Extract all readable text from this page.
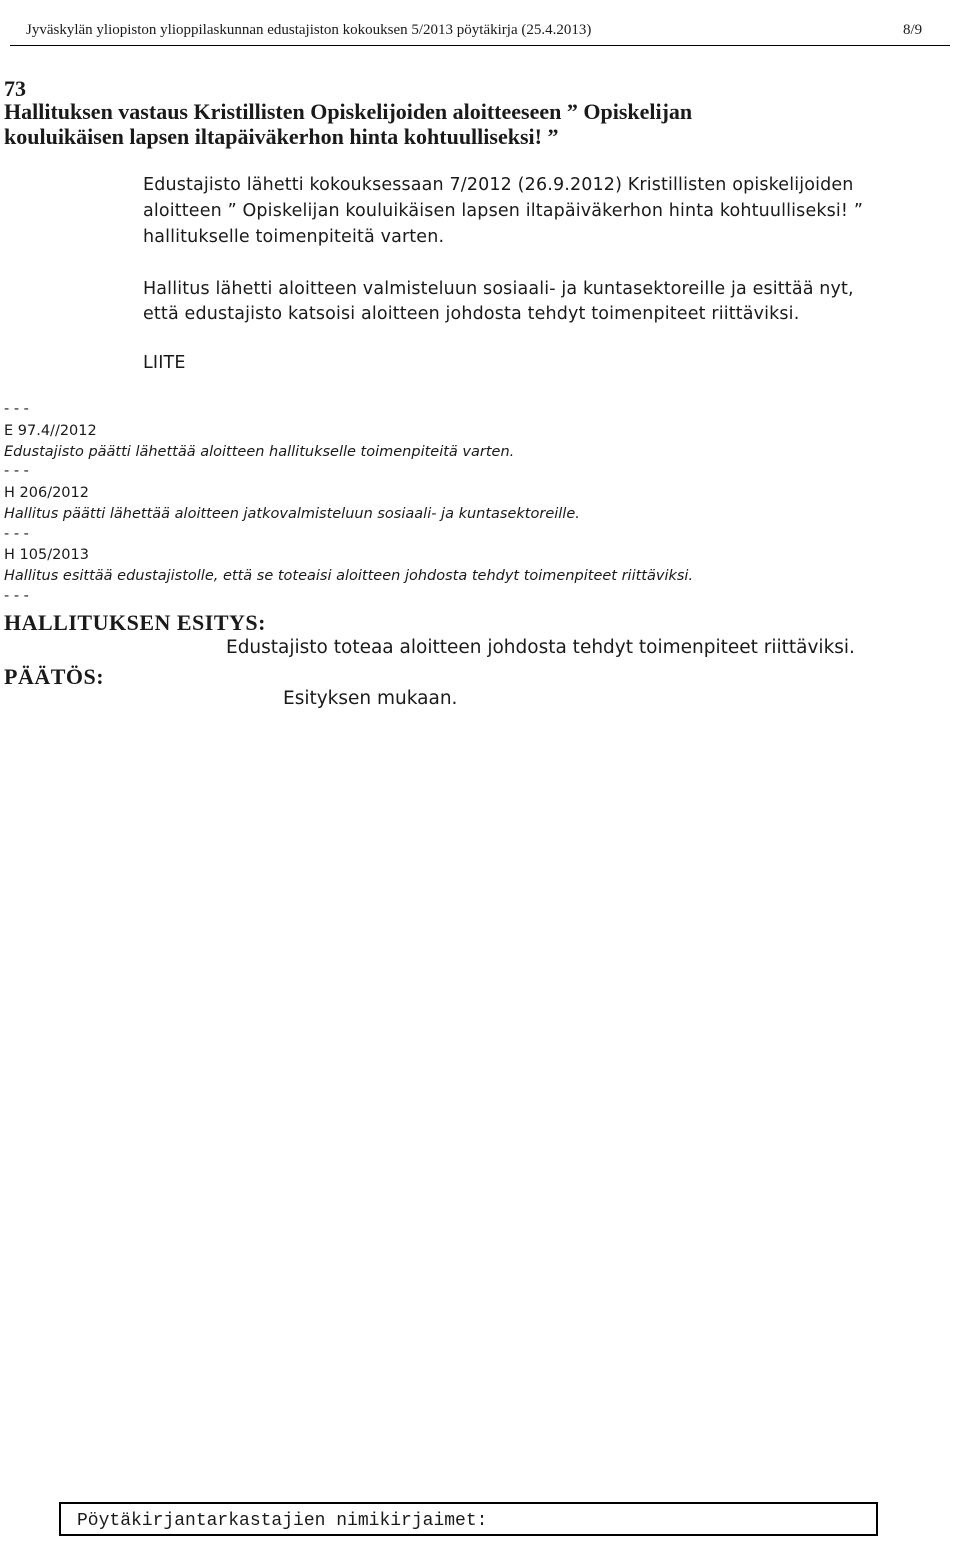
Jyväskylän yliopiston ylioppilaskunnan edustajiston kokouksen 5/2013 pöytäkirja (25.4.2013)	8/9
73
Hallituksen vastaus Kristillisten Opiskelijoiden aloitteeseen ” Opiskelijan
kouluikäisen lapsen iltapäiväkerhon hinta kohtuulliseksi! ”
Edustajisto lähetti kokouksessaan 7/2012 (26.9.2012) Kristillisten opiskelijoiden
aloitteen ” Opiskelijan kouluikäisen lapsen iltapäiväkerhon hinta kohtuulliseksi! ”
hallitukselle toimenpiteitä varten.
Hallitus lähetti aloitteen valmisteluun sosiaali- ja kuntasektoreille ja esittää nyt,
että edustajisto katsoisi aloitteen johdosta tehdyt toimenpiteet riittäviksi.
LIITE
- - -
E 97.4//2012
Edustajisto päätti lähettää aloitteen hallitukselle toimenpiteitä varten.
- - -
H 206/2012
Hallitus päätti lähettää aloitteen jatkovalmisteluun sosiaali- ja kuntasektoreille.
- - -
H 105/2013
Hallitus esittää edustajistolle, että se toteaisi aloitteen johdosta tehdyt toimenpiteet riittäviksi.
- - -
HALLITUKSEN ESITYS:
Edustajisto toteaa aloitteen johdosta tehdyt toimenpiteet riittäviksi.
PÄÄTÖS:
Esityksen mukaan.
Pöytäkirjantarkastajien nimikirjaimet:
